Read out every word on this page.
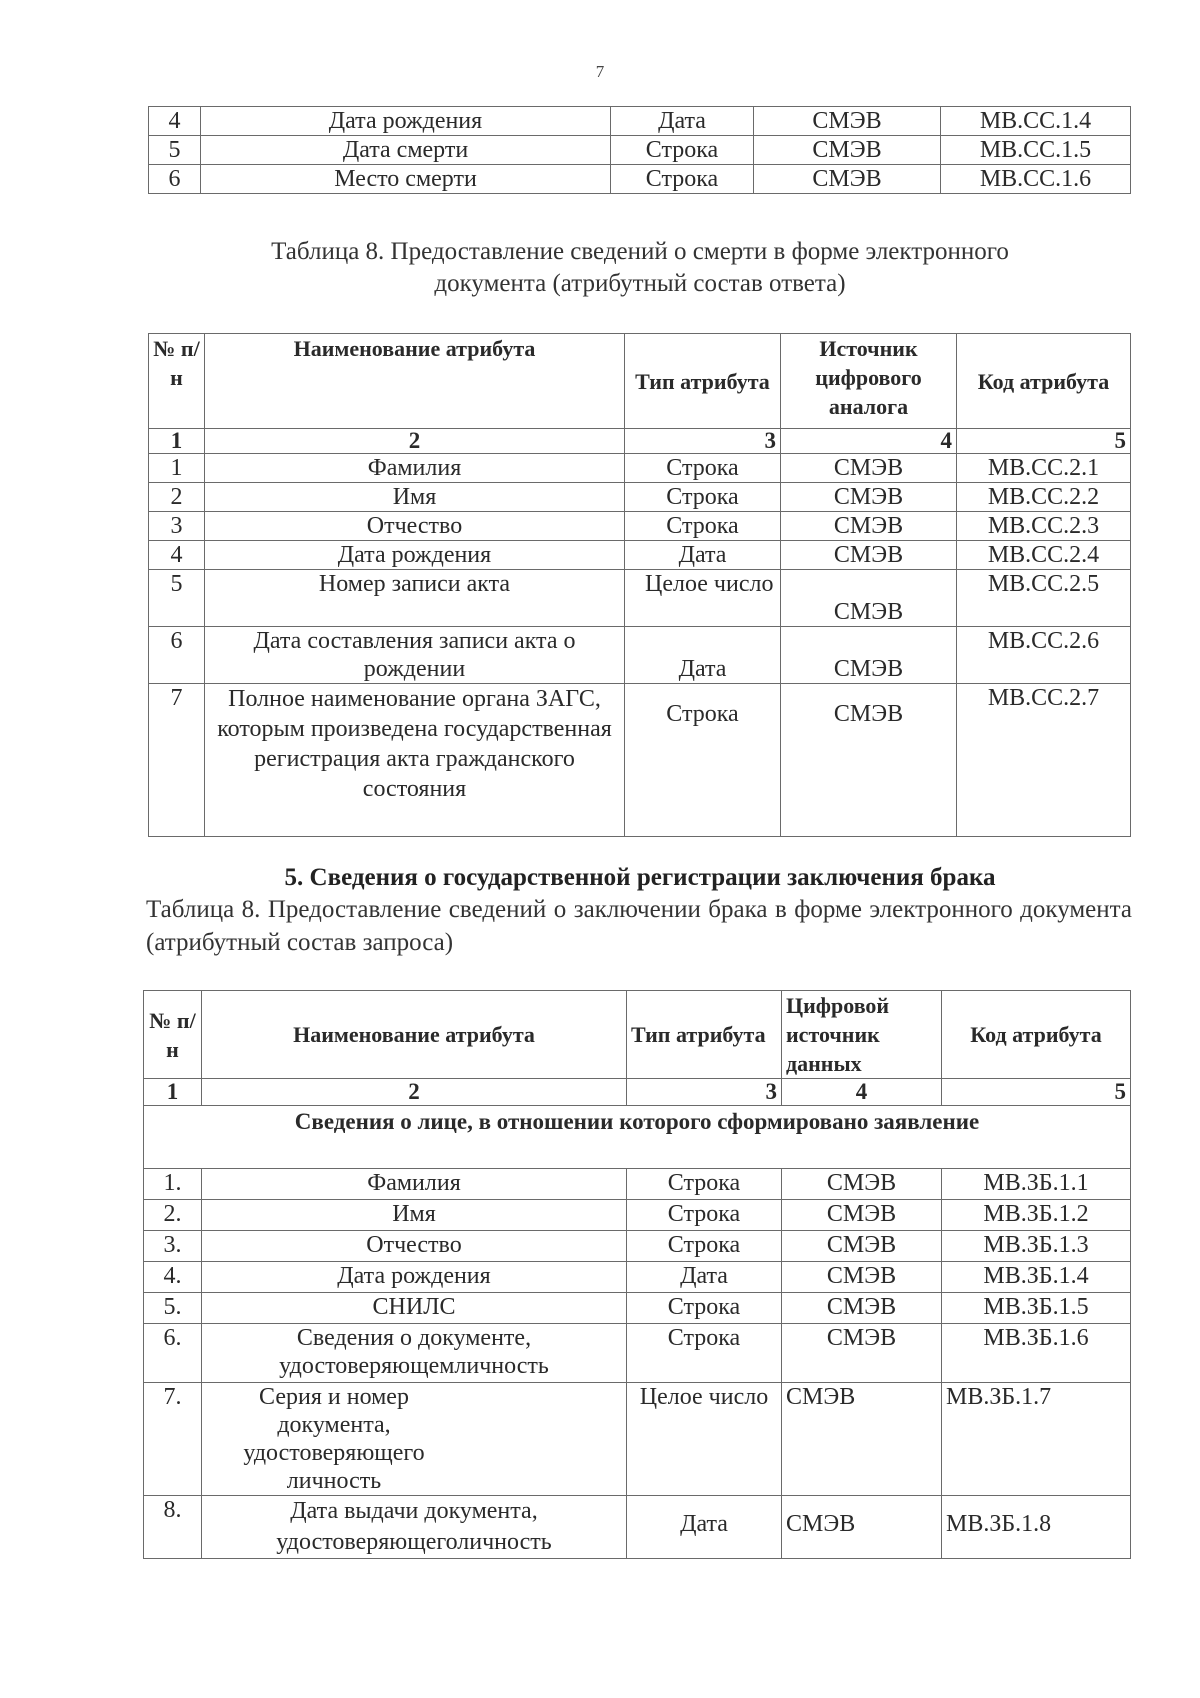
7
4	Дата рождения	Дата	СМЭВ	МВ.СС.1.4
5	Дата смерти	Строка	СМЭВ	МВ.СС.1.5
6	Место смерти	Строка	СМЭВ	МВ.СС.1.6
Таблица 8. Предоставление сведений о смерти в форме электронного
документа (атрибутный состав ответа)
№ п/н	Наименование атрибута	Тип атрибута	Источник цифрового аналога	Код атрибута
1	2	3	4	5
1	Фамилия	Строка	СМЭВ	МВ.СС.2.1
2	Имя	Строка	СМЭВ	МВ.СС.2.2
3	Отчество	Строка	СМЭВ	МВ.СС.2.3
4	Дата рождения	Дата	СМЭВ	МВ.СС.2.4
5	Номер записи акта	Целое число	СМЭВ	МВ.СС.2.5
6	Дата составления записи акта о рождении	Дата	СМЭВ	МВ.СС.2.6
7	Полное наименование органа ЗАГС, которым произведена государственная регистрация акта гражданского состояния	Строка	СМЭВ	МВ.СС.2.7
5. Сведения о государственной регистрации заключения брака
Таблица 8. Предоставление сведений о заключении брака в форме электронного документа (атрибутный состав запроса)
№ п/н	Наименование атрибута	Тип атрибута	Цифровой источник данных	Код атрибута
1	2	3	4	5
Сведения о лице, в отношении которого сформировано заявление				
1.	Фамилия	Строка	СМЭВ	МВ.ЗБ.1.1
2.	Имя	Строка	СМЭВ	МВ.ЗБ.1.2
3.	Отчество	Строка	СМЭВ	МВ.ЗБ.1.3
4.	Дата рождения	Дата	СМЭВ	МВ.ЗБ.1.4
5.	СНИЛС	Строка	СМЭВ	МВ.ЗБ.1.5
6.	Сведения о документе, удостоверяющемличность	Строка	СМЭВ	МВ.ЗБ.1.6
7.	Серия и номер документа, удостоверяющего личность	Целое число	СМЭВ	МВ.ЗБ.1.7
8.	Дата выдачи документа, удостоверяющеголичность	Дата	СМЭВ	МВ.ЗБ.1.8
